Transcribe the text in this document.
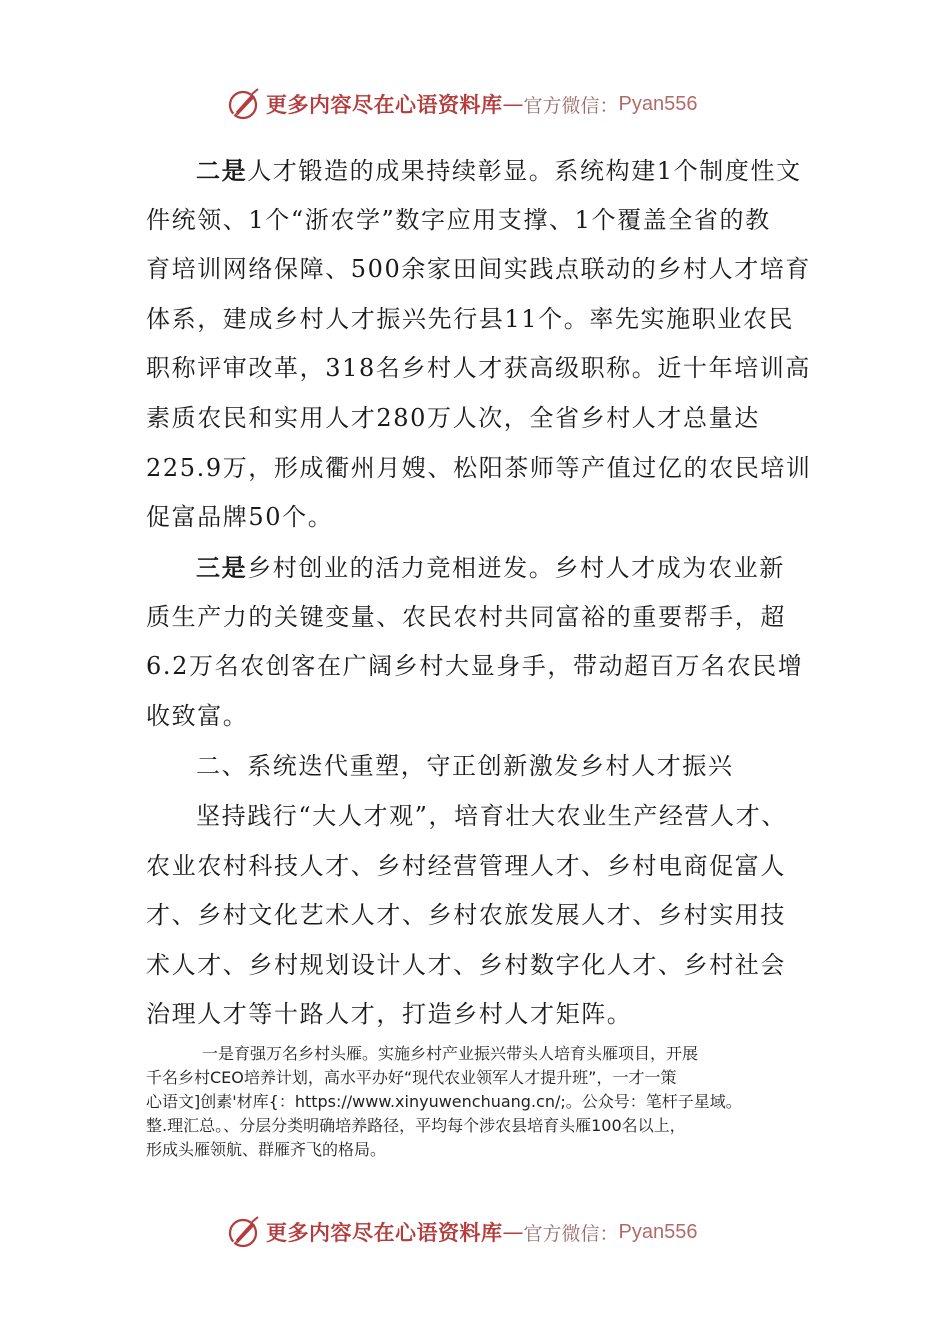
更多内容尽在心语资料库 — 官方微信： Pyan556
二是人才锻造的成果持续彰显。系统构建1个制度性文
件统领、1个“浙农学”数字应用支撑、1个覆盖全省的教
育培训网络保障、500余家田间实践点联动的乡村人才培育
体系，建成乡村人才振兴先行县11个。率先实施职业农民
职称评审改革，318名乡村人才获高级职称。近十年培训高
素质农民和实用人才280万人次，全省乡村人才总量达
225.9万，形成衢州月嫂、松阳茶师等产值过亿的农民培训
促富品牌50个。
三是乡村创业的活力竞相迸发。乡村人才成为农业新
质生产力的关键变量、农民农村共同富裕的重要帮手，超
6.2万名农创客在广阔乡村大显身手，带动超百万名农民增
收致富。
二、系统迭代重塑，守正创新激发乡村人才振兴
坚持践行“大人才观”，培育壮大农业生产经营人才、
农业农村科技人才、乡村经营管理人才、乡村电商促富人
才、乡村文化艺术人才、乡村农旅发展人才、乡村实用技
术人才、乡村规划设计人才、乡村数字化人才、乡村社会
治理人才等十路人才，打造乡村人才矩阵。
一是育强万名乡村头雁。实施乡村产业振兴带头人培育头雁项目，开展
千名乡村CEO培养计划，高水平办好“现代农业领军人才提升班”，一才一策
心语文]创素'材库{：https://www.xinyuwenchuang.cn/;。公众号：笔杆子星域。
整.理汇总。、分层分类明确培养路径，平均每个涉农县培育头雁100名以上，
形成头雁领航、群雁齐飞的格局。
更多内容尽在心语资料库 — 官方微信： Pyan556
